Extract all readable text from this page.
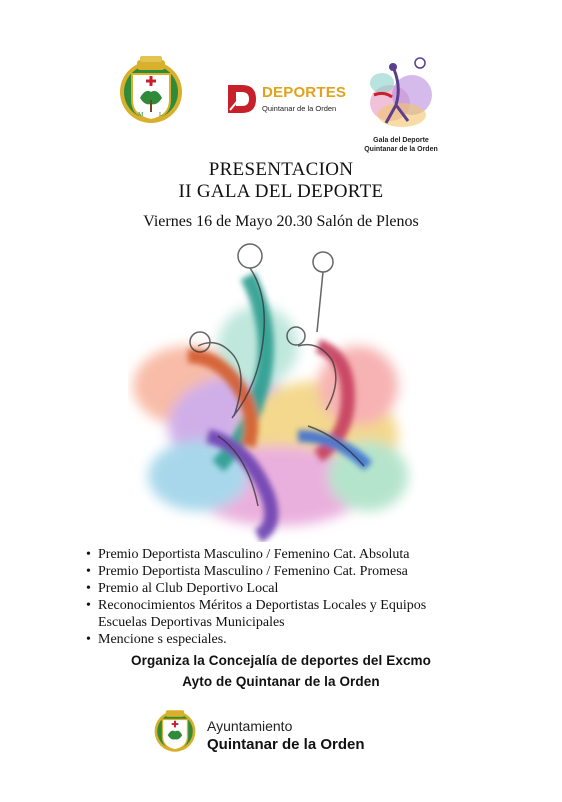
M	L
DEPORTES
Quintanar de la Orden
Gala del Deporte
Quintanar de la Orden
PRESENTACION
II GALA DEL DEPORTE
Viernes 16 de Mayo 20.30 Salón de Plenos
• Premio Deportista Masculino / Femenino Cat. Absoluta
• Premio Deportista Masculino / Femenino Cat. Promesa
• Premio al Club Deportivo Local
• Reconocimientos Méritos a Deportistas Locales y Equipos
Escuelas Deportivas Municipales
• Mencione s especiales.
Organiza la Concejalía de deportes del Excmo
Ayto de Quintanar de la Orden
Ayuntamiento
Quintanar de la Orden
